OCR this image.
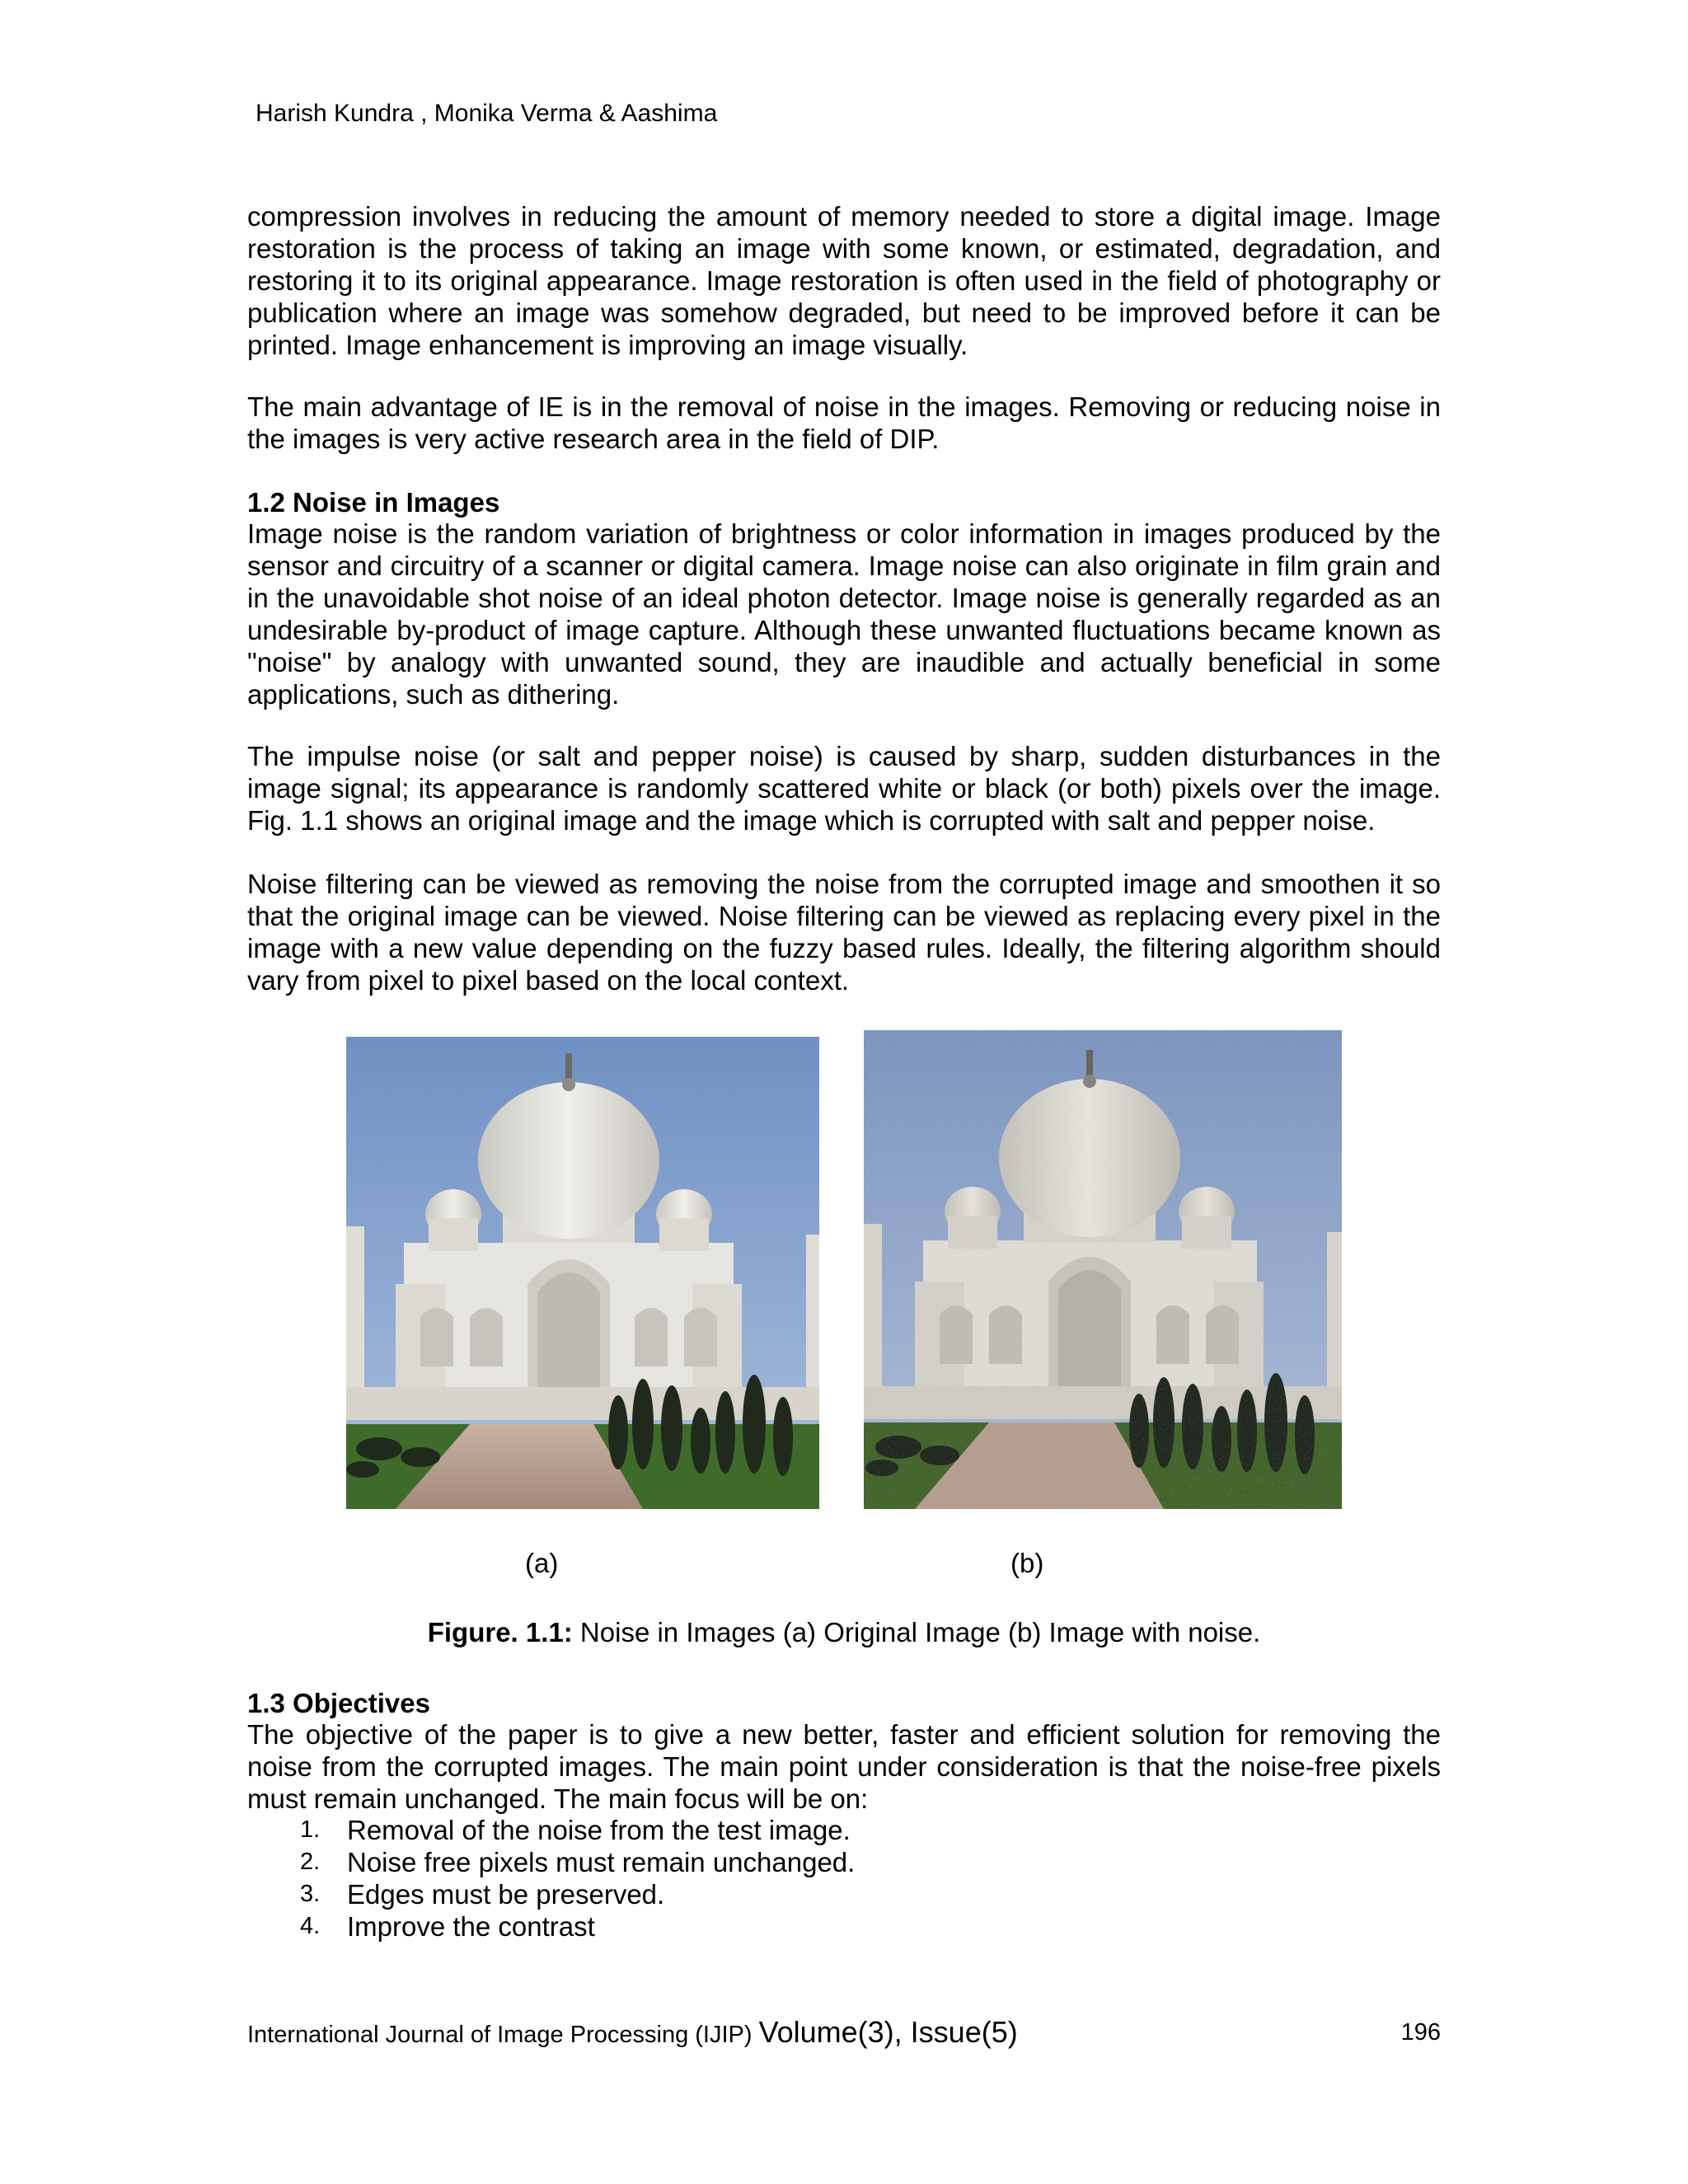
Harish Kundra , Monika Verma & Aashima
compression involves in reducing the amount of memory needed to store a digital image. Image restoration is the process of taking an image with some known, or estimated, degradation, and restoring it to its original appearance. Image restoration is often used in the field of photography or publication where an image was somehow degraded, but need to be improved before it can be printed. Image enhancement is improving an image visually.
The main advantage of IE is in the removal of noise in the images. Removing or reducing noise in the images is very active research area in the field of DIP.
1.2 Noise in Images
Image noise is the random variation of brightness or color information in images produced by the sensor and circuitry of a scanner or digital camera. Image noise can also originate in film grain and in the unavoidable shot noise of an ideal photon detector. Image noise is generally regarded as an undesirable by-product of image capture. Although these unwanted fluctuations became known as "noise" by analogy with unwanted sound, they are inaudible and actually beneficial in some applications, such as dithering.
The impulse noise (or salt and pepper noise) is caused by sharp, sudden disturbances in the image signal; its appearance is randomly scattered white or black (or both) pixels over the image. Fig. 1.1 shows an original image and the image which is corrupted with salt and pepper noise.
Noise filtering can be viewed as removing the noise from the corrupted image and smoothen it so that the original image can be viewed. Noise filtering can be viewed as replacing every pixel in the image with a new value depending on the fuzzy based rules. Ideally, the filtering algorithm should vary from pixel to pixel based on the local context.
(a)	(b)
Figure. 1.1: Noise in Images (a) Original Image (b) Image with noise.
1.3 Objectives
The objective of the paper is to give a new better, faster and efficient solution for removing the noise from the corrupted images. The main point under consideration is that the noise-free pixels must remain unchanged. The main focus will be on:
1. Removal of the noise from the test image.
2. Noise free pixels must remain unchanged.
3. Edges must be preserved.
4. Improve the contrast
International Journal of Image Processing (IJIP) Volume(3), Issue(5)	196
